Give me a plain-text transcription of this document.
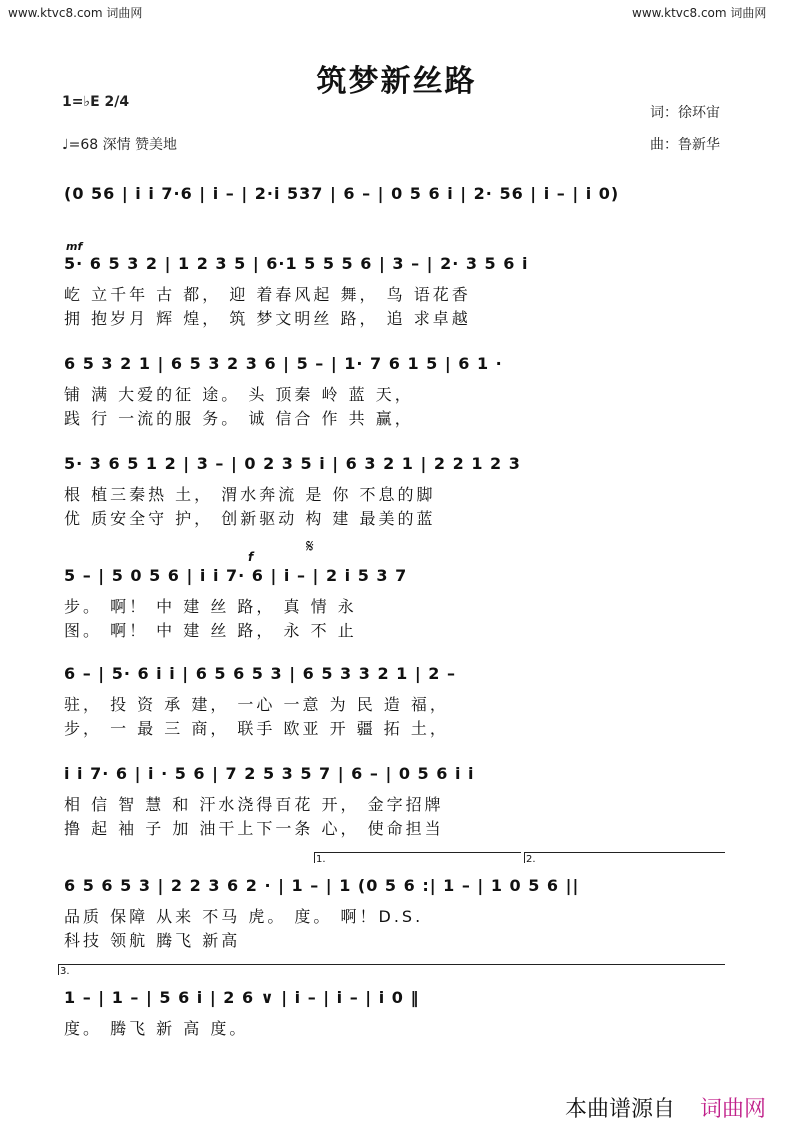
www.ktvc8.com 词曲网	www.ktvc8.com 词曲网
筑梦新丝路
1=♭E 2/4
♩=68 深情 赞美地
词：徐环宙
曲：鲁新华
(0 56 | i i 7·6 | i – | 2·i 537 | 6 – | 0 5 6 i | 2· 56 | i – | i 0)
mf
5· 6 5 3 2 | 1 2 3 5 | 6·1 5 5 5 6 | 3 – | 2· 3 5 6 i
屹 立千年 古 都， 迎 着春风起 舞， 鸟 语花香
拥 抱岁月 辉 煌， 筑 梦文明丝 路， 追 求卓越
6 5 3 2 1 | 6 5 3 2 3 6 | 5 – | 1· 7 6 1 5 | 6 1 ·
铺 满 大爱的征 途。 头 顶秦 岭 蓝 天，
践 行 一流的服 务。 诚 信合 作 共 赢，
5· 3 6 5 1 2 | 3 – | 0 2 3 5 i | 6 3 2 1 | 2 2 1 2 3
根 植三秦热 土， 渭水奔流 是 你 不息的脚
优 质安全守 护， 创新驱动 构 建 最美的蓝
f	𝄋
5 – | 5 0 5 6 | i i 7· 6 | i – | 2 i 5 3 7
步。 啊！ 中 建 丝 路， 真 情 永
图。 啊！ 中 建 丝 路， 永 不 止
6 – | 5· 6 i i | 6 5 6 5 3 | 6 5 3 3 2 1 | 2 –
驻， 投 资 承 建， 一心 一意 为 民 造 福，
步， 一 最 三 商， 联手 欧亚 开 疆 拓 土，
i i 7· 6 | i · 5 6 | 7 2 5 3 5 7 | 6 – | 0 5 6 i i
相 信 智 慧 和 汗水浇得百花 开， 金字招牌
撸 起 袖 子 加 油干上下一条 心， 使命担当
1.	2.
6 5 6 5 3 | 2 2 3 6 2 · | 1 – | 1 (0 5 6 :| 1 – | 1 0 5 6 ||
品质 保障 从来 不马 虎。 度。 啊！D.S.
科技 领航 腾飞 新高
3.
1 – | 1 – | 5 6 i | 2 6 ∨ | i – | i – | i 0 ‖
度。 腾飞 新 高 度。
本曲谱源自 词曲网
